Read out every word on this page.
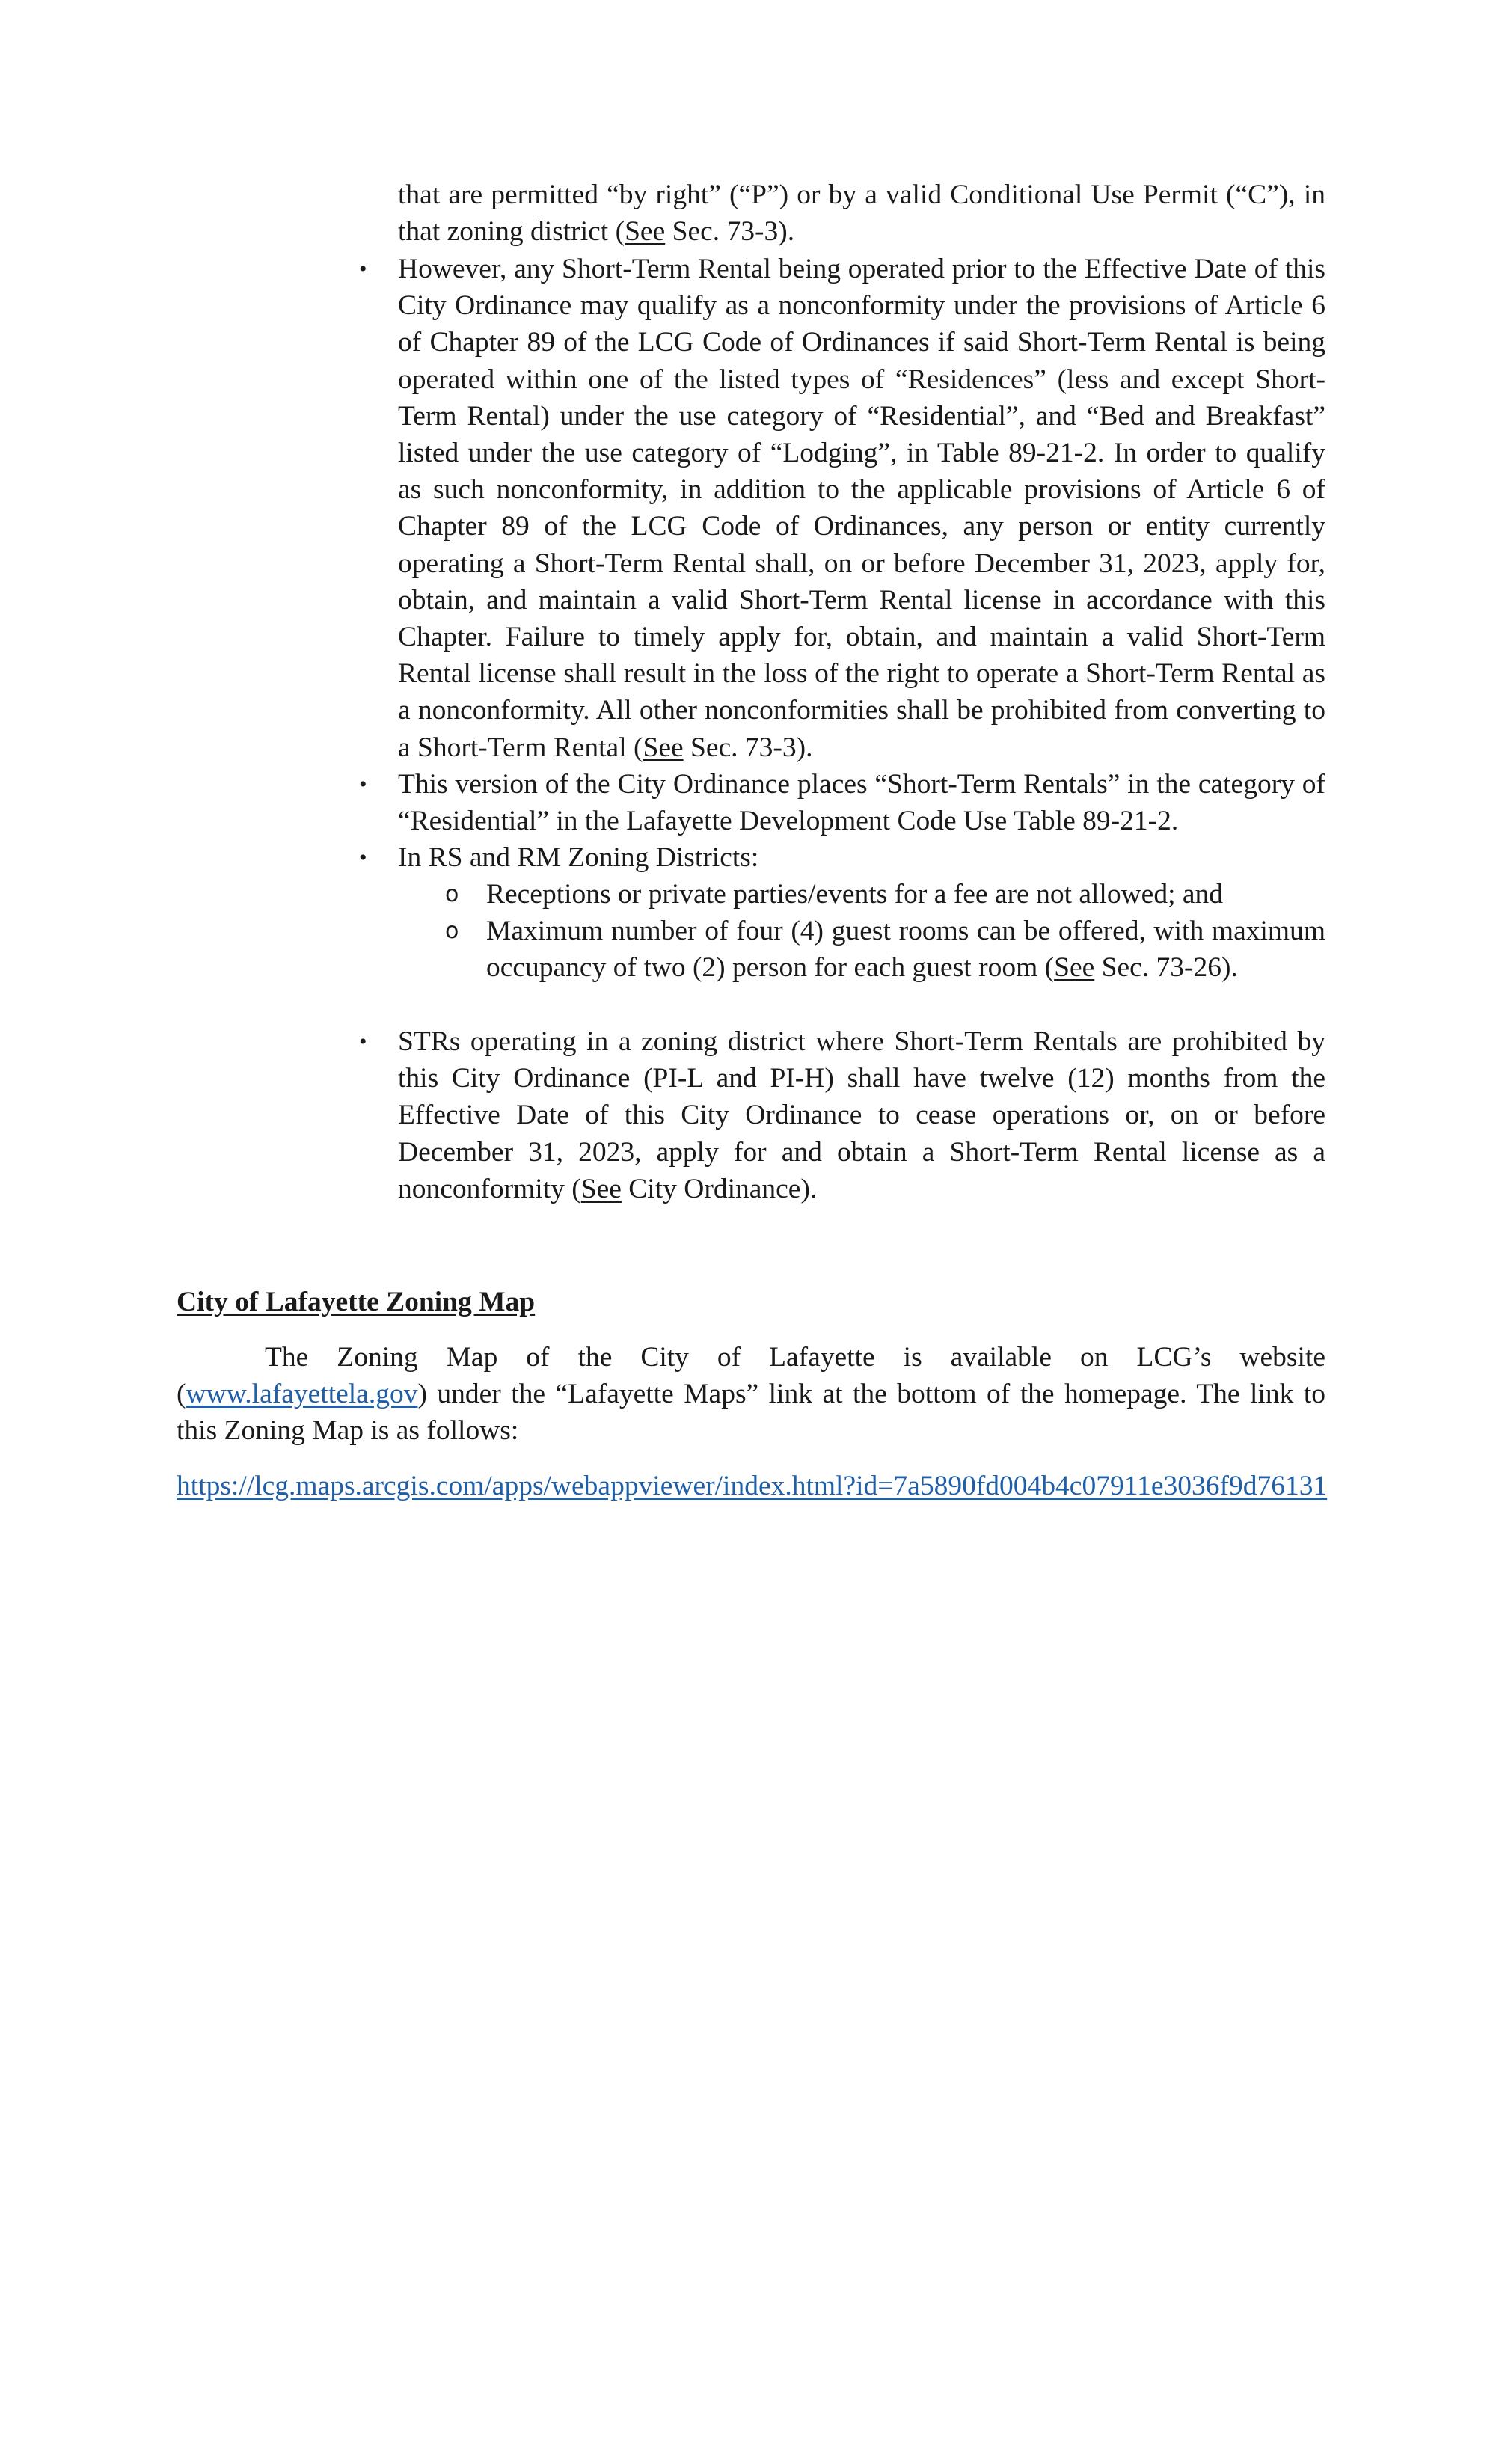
that are permitted “by right” (“P”) or by a valid Conditional Use Permit (“C”), in that zoning district (See Sec. 73-3).
• However, any Short-Term Rental being operated prior to the Effective Date of this City Ordinance may qualify as a nonconformity under the provisions of Article 6 of Chapter 89 of the LCG Code of Ordinances if said Short-Term Rental is being operated within one of the listed types of “Residences” (less and except Short-Term Rental) under the use category of “Residential”, and “Bed and Breakfast” listed under the use category of “Lodging”, in Table 89-21-2. In order to qualify as such nonconformity, in addition to the applicable provisions of Article 6 of Chapter 89 of the LCG Code of Ordinances, any person or entity currently operating a Short-Term Rental shall, on or before December 31, 2023, apply for, obtain, and maintain a valid Short-Term Rental license in accordance with this Chapter. Failure to timely apply for, obtain, and maintain a valid Short-Term Rental license shall result in the loss of the right to operate a Short-Term Rental as a nonconformity. All other nonconformities shall be prohibited from converting to a Short-Term Rental (See Sec. 73-3).
• This version of the City Ordinance places “Short-Term Rentals” in the category of “Residential” in the Lafayette Development Code Use Table 89-21-2.
• In RS and RM Zoning Districts:
o Receptions or private parties/events for a fee are not allowed; and
o Maximum number of four (4) guest rooms can be offered, with maximum occupancy of two (2) person for each guest room (See Sec. 73-26).
• STRs operating in a zoning district where Short-Term Rentals are prohibited by this City Ordinance (PI-L and PI-H) shall have twelve (12) months from the Effective Date of this City Ordinance to cease operations or, on or before December 31, 2023, apply for and obtain a Short-Term Rental license as a nonconformity (See City Ordinance).
City of Lafayette Zoning Map
The Zoning Map of the City of Lafayette is available on LCG’s website (www.lafayettela.gov) under the “Lafayette Maps” link at the bottom of the homepage. The link to this Zoning Map is as follows:
https://lcg.maps.arcgis.com/apps/webappviewer/index.html?id=7a5890fd004b4c07911e3036f9d76131
